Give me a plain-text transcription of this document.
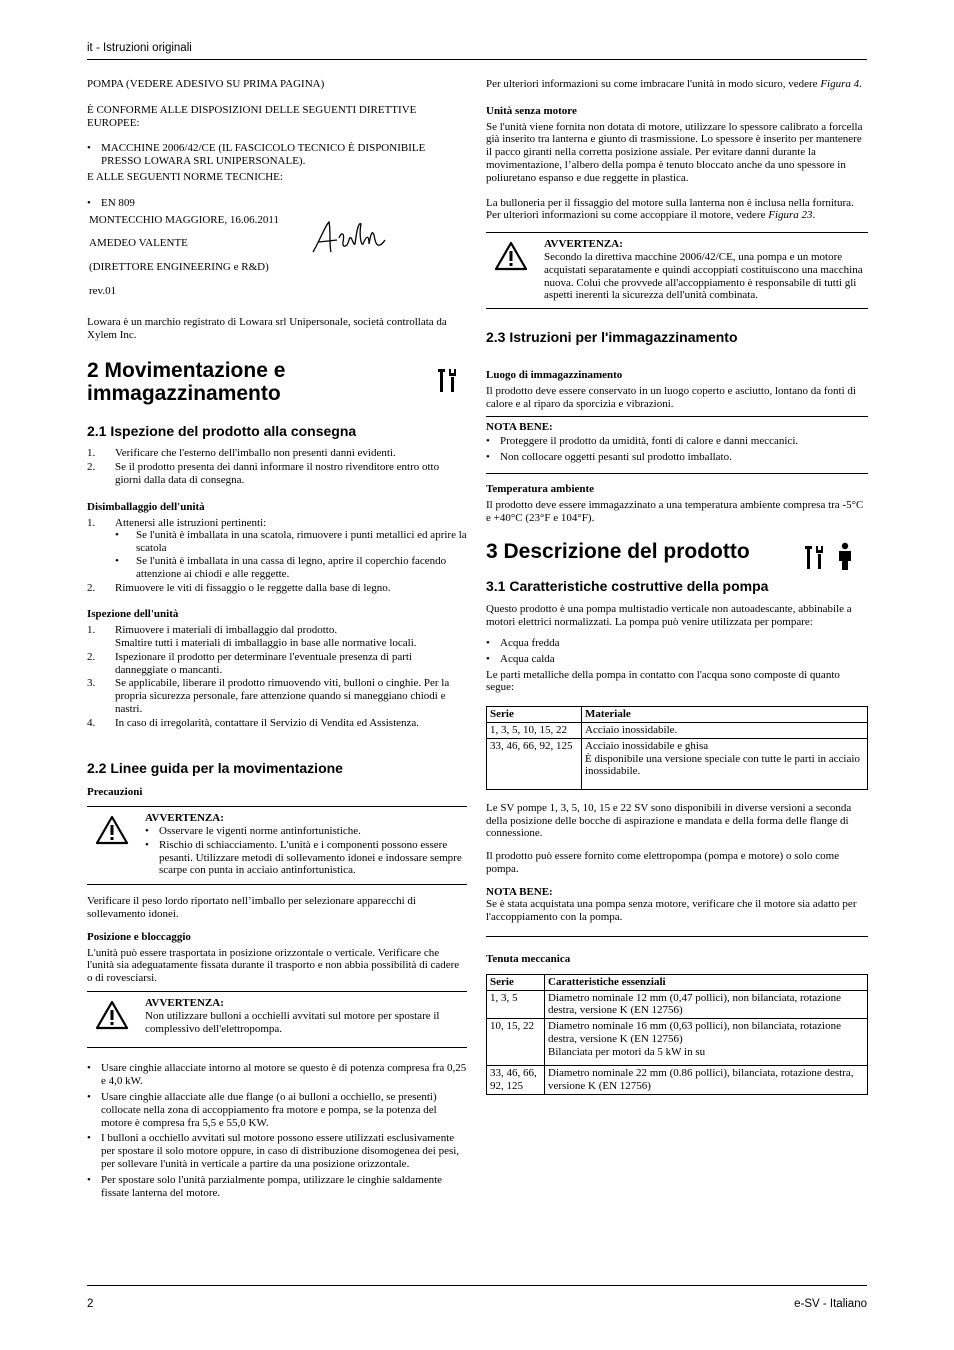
it - Istruzioni originali

POMPA (VEDERE ADESIVO SU PRIMA PAGINA)

È CONFORME ALLE DISPOSIZIONI DELLE SEGUENTI DIRETTIVE EUROPEE:

• MACCHINE 2006/42/CE (IL FASCICOLO TECNICO È DISPONIBILE PRESSO LOWARA SRL UNIPERSONALE).

E ALLE SEGUENTI NORME TECNICHE:

• EN 809

MONTECCHIO MAGGIORE, 16.06.2011

AMEDEO VALENTE

(DIRETTORE ENGINEERING e R&D)

rev.01

Lowara è un marchio registrato di Lowara srl Unipersonale, società controllata da Xylem Inc.

2 Movimentazione e immagazzinamento
2.1 Ispezione del prodotto alla consegna
1. Verificare che l'esterno dell'imballo non presenti danni evidenti.
2. Se il prodotto presenta dei danni informare il nostro rivenditore entro otto giorni dalla data di consegna.
Disimballaggio dell'unità
1. Attenersi alle istruzioni pertinenti:
• Se l'unità è imballata in una scatola, rimuovere i punti metallici ed aprire la scatola
• Se l'unità è imballata in una cassa di legno, aprire il coperchio facendo attenzione ai chiodi e alle reggette.
2. Rimuovere le viti di fissaggio o le reggette dalla base di legno.
Ispezione dell'unità
1. Rimuovere i materiali di imballaggio dal prodotto.
Smaltire tutti i materiali di imballaggio in base alle normative locali.
2. Ispezionare il prodotto per determinare l'eventuale presenza di parti danneggiate o mancanti.
3. Se applicabile, liberare il prodotto rimuovendo viti, bulloni o cinghie. Per la propria sicurezza personale, fare attenzione quando si maneggiano chiodi e nastri.
4. In caso di irregolarità, contattare il Servizio di Vendita ed Assistenza.
2.2 Linee guida per la movimentazione
Precauzioni
AVVERTENZA:
• Osservare le vigenti norme antinfortunistiche.
• Rischio di schiacciamento. L'unità e i componenti possono essere pesanti. Utilizzare metodi di sollevamento idonei e indossare sempre scarpe con punta in acciaio antinfortunistica.

Verificare il peso lordo riportato nell’imballo per selezionare apparecchi di sollevamento idonei.

Posizione e bloccaggio

L'unità può essere trasportata in posizione orizzontale o verticale. Verificare che l'unità sia adeguatamente fissata durante il trasporto e non abbia possibilità di cadere o di rovesciarsi.

AVVERTENZA:
Non utilizzare bulloni a occhielli avvitati sul motore per spostare il complessivo dell'elettropompa.
• Usare cinghie allacciate intorno al motore se questo è di potenza compresa fra 0,25 e 4,0 kW.
• Usare cinghie allacciate alle due flange (o ai bulloni a occhiello, se presenti) collocate nella zona di accoppiamento fra motore e pompa, se la potenza del motore è compresa fra 5,5 e 55,0 KW.
• I bulloni a occhiello avvitati sul motore possono essere utilizzati esclusivamente per spostare il solo motore oppure, in caso di distribuzione disomogenea dei pesi, per sollevare l'unità in verticale a partire da una posizione orizzontale.
• Per spostare solo l'unità parzialmente pompa, utilizzare le cinghie saldamente fissate lanterna del motore.

Per ulteriori informazioni su come imbracare l'unità in modo sicuro, vedere Figura 4.

Unità senza motore

Se l'unità viene fornita non dotata di motore, utilizzare lo spessore calibrato a forcella già inserito tra lanterna e giunto di trasmissione. Lo spessore è inserito per mantenere il pacco giranti nella corretta posizione assiale. Per evitare danni durante la movimentazione, l’albero della pompa è tenuto bloccato anche da uno spessore in poliuretano espanso e due reggette in plastica.

La bulloneria per il fissaggio del motore sulla lanterna non è inclusa nella fornitura. Per ulteriori informazioni su come accoppiare il motore, vedere Figura 23.

AVVERTENZA:
Secondo la direttiva macchine 2006/42/CE, una pompa e un motore acquistati separatamente e quindi accoppiati costituiscono una macchina nuova. Colui che provvede all'accoppiamento è responsabile di tutti gli aspetti inerenti la sicurezza dell'unità combinata.
2.3 Istruzioni per l'immagazzinamento
Luogo di immagazzinamento

Il prodotto deve essere conservato in un luogo coperto e asciutto, lontano da fonti di calore e al riparo da sporcizia e vibrazioni.

NOTA BENE:
• Proteggere il prodotto da umidità, fonti di calore e danni meccanici.
• Non collocare oggetti pesanti sul prodotto imballato.
Temperatura ambiente

Il prodotto deve essere immagazzinato a una temperatura ambiente compresa tra -5°C e +40°C (23°F e 104°F).

3 Descrizione del prodotto
3.1 Caratteristiche costruttive della pompa

Questo prodotto è una pompa multistadio verticale non autoadescante, abbinabile a motori elettrici normalizzati. La pompa può venire utilizzata per pompare:

• Acqua fredda
• Acqua calda

Le parti metalliche della pompa in contatto con l'acqua sono composte di quanto segue:

Serie	Materiale
1, 3, 5, 10, 15, 22	Acciaio inossidabile.
33, 46, 66, 92, 125	Acciaio inossidabile e ghisa
È disponibile una versione speciale con tutte le parti in acciaio inossidabile.

Le SV pompe 1, 3, 5, 10, 15 e 22 SV sono disponibili in diverse versioni a seconda della posizione delle bocche di aspirazione e mandata e della forma delle flange di connessione.

Il prodotto può essere fornito come elettropompa (pompa e motore) o solo come pompa.

NOTA BENE:
Se è stata acquistata una pompa senza motore, verificare che il motore sia adatto per l'accoppiamento con la pompa.
Tenuta meccanica
Serie	Caratteristiche essenziali
1, 3, 5	Diametro nominale 12 mm (0,47 pollici), non bilanciata, rotazione destra, versione K (EN 12756)
10, 15, 22	Diametro nominale 16 mm (0,63 pollici), non bilanciata, rotazione destra, versione K (EN 12756)
Bilanciata per motori da 5 kW in su
33, 46, 66, 92, 125	Diametro nominale 22 mm (0.86 pollici), bilanciata, rotazione destra, versione K (EN 12756)
2	e-SV - Italiano
